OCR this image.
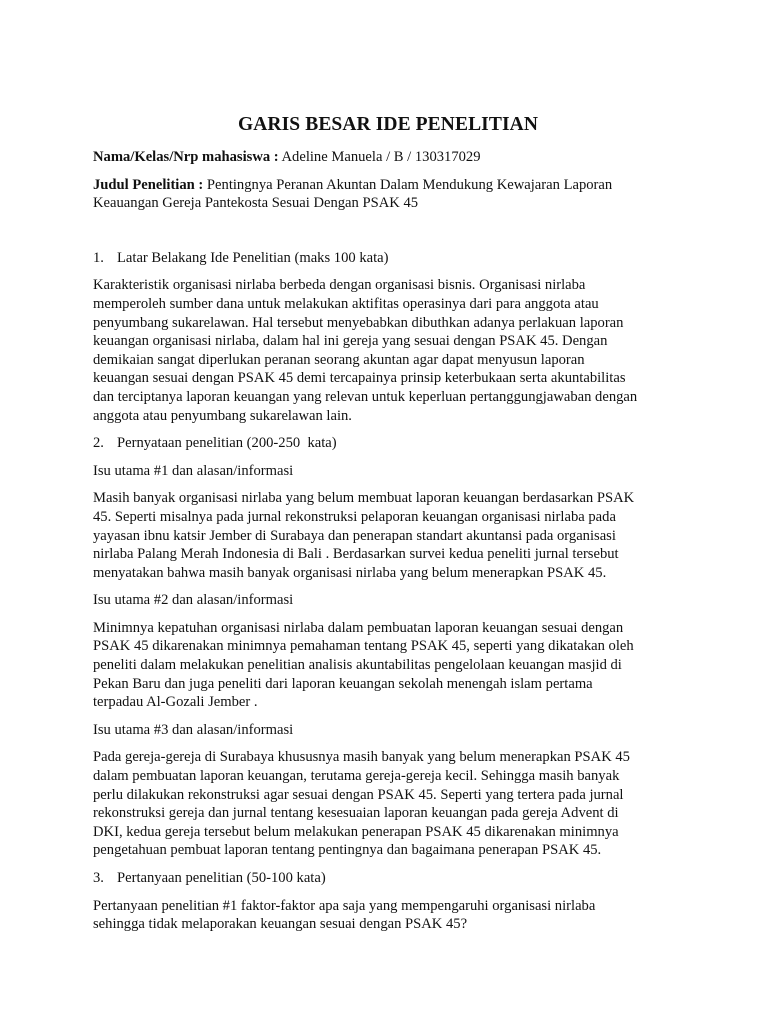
GARIS BESAR IDE PENELITIAN

Nama/Kelas/Nrp mahasiswa : Adeline Manuela / B / 130317029

Judul Penelitian : Pentingnya Peranan Akuntan Dalam Mendukung Kewajaran Laporan
Keauangan Gereja Pantekosta Sesuai Dengan PSAK 45

1. Latar Belakang Ide Penelitian (maks 100 kata)

Karakteristik organisasi nirlaba berbeda dengan organisasi bisnis. Organisasi nirlaba
memperoleh sumber dana untuk melakukan aktifitas operasinya dari para anggota atau
penyumbang sukarelawan. Hal tersebut menyebabkan dibuthkan adanya perlakuan laporan
keuangan organisasi nirlaba, dalam hal ini gereja yang sesuai dengan PSAK 45. Dengan
demikaian sangat diperlukan peranan seorang akuntan agar dapat menyusun laporan
keuangan sesuai dengan PSAK 45 demi tercapainya prinsip keterbukaan serta akuntabilitas
dan terciptanya laporan keuangan yang relevan untuk keperluan pertanggungjawaban dengan
anggota atau penyumbang sukarelawan lain.

2. Pernyataan penelitian (200-250  kata)

Isu utama #1 dan alasan/informasi

Masih banyak organisasi nirlaba yang belum membuat laporan keuangan berdasarkan PSAK
45. Seperti misalnya pada jurnal rekonstruksi pelaporan keuangan organisasi nirlaba pada
yayasan ibnu katsir Jember di Surabaya dan penerapan standart akuntansi pada organisasi
nirlaba Palang Merah Indonesia di Bali . Berdasarkan survei kedua peneliti jurnal tersebut
menyatakan bahwa masih banyak organisasi nirlaba yang belum menerapkan PSAK 45.

Isu utama #2 dan alasan/informasi

Minimnya kepatuhan organisasi nirlaba dalam pembuatan laporan keuangan sesuai dengan
PSAK 45 dikarenakan minimnya pemahaman tentang PSAK 45, seperti yang dikatakan oleh
peneliti dalam melakukan penelitian analisis akuntabilitas pengelolaan keuangan masjid di
Pekan Baru dan juga peneliti dari laporan keuangan sekolah menengah islam pertama
terpadau Al-Gozali Jember .

Isu utama #3 dan alasan/informasi

Pada gereja-gereja di Surabaya khususnya masih banyak yang belum menerapkan PSAK 45
dalam pembuatan laporan keuangan, terutama gereja-gereja kecil. Sehingga masih banyak
perlu dilakukan rekonstruksi agar sesuai dengan PSAK 45. Seperti yang tertera pada jurnal
rekonstruksi gereja dan jurnal tentang kesesuaian laporan keuangan pada gereja Advent di
DKI, kedua gereja tersebut belum melakukan penerapan PSAK 45 dikarenakan minimnya
pengetahuan pembuat laporan tentang pentingnya dan bagaimana penerapan PSAK 45.

3. Pertanyaan penelitian (50-100 kata)

Pertanyaan penelitian #1 faktor-faktor apa saja yang mempengaruhi organisasi nirlaba
sehingga tidak melaporakan keuangan sesuai dengan PSAK 45?
